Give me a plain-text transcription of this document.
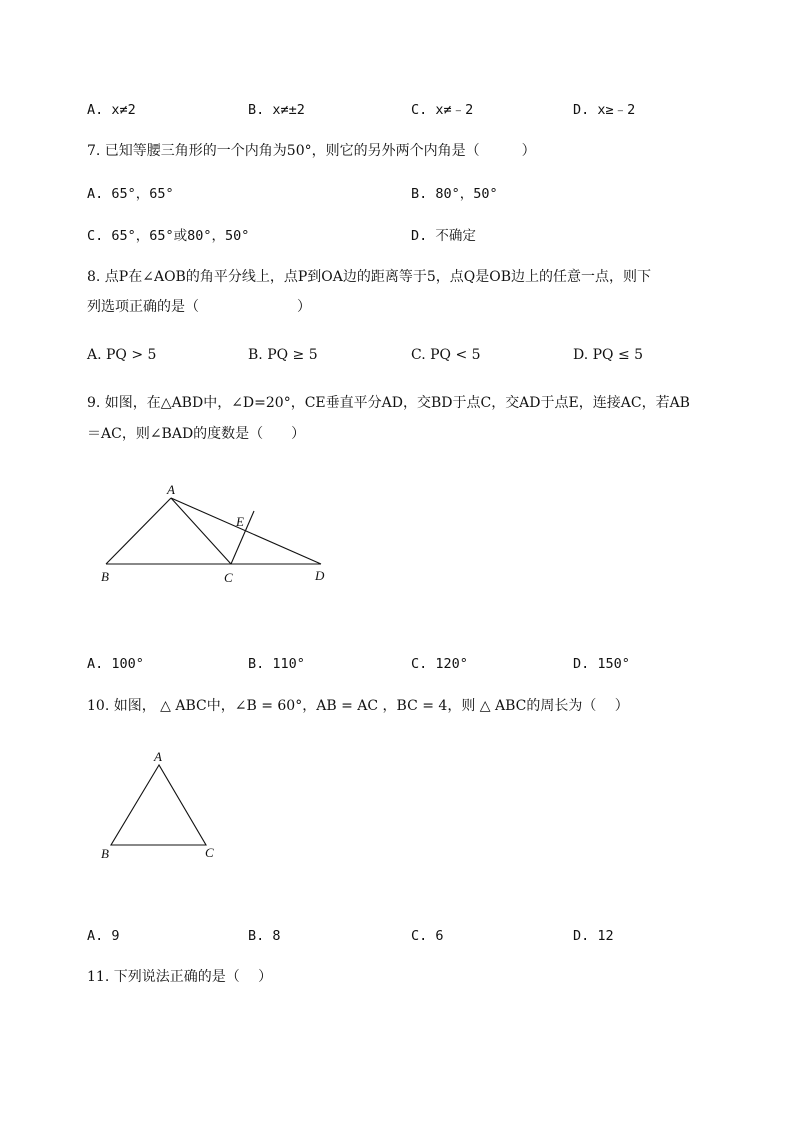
A. x≠2	B. x≠±2	C. x≠﹣2	D. x≥﹣2
7. 已知等腰三角形的一个内角为50°，则它的另外两个内角是（　　　）
A. 65°，65°	B. 80°，50°
C. 65°，65°或80°，50°	D. 不确定
8. 点P在∠AOB的角平分线上，点P到OA边的距离等于5，点Q是OB边上的任意一点，则下
列选项正确的是（　　　　　　　）
A. PQ > 5	B. PQ ≥ 5	C. PQ < 5	D. PQ ≤ 5
9. 如图，在△ABD中，∠D=20°，CE垂直平分AD，交BD于点C，交AD于点E，连接AC，若AB
＝AC，则∠BAD的度数是（　　）
A
B	C	D
E
A. 100°	B. 110°	C. 120°	D. 150°
10. 如图， △ ABC中，∠B = 60°，AB = AC ，BC = 4，则 △ ABC的周长为（　 ）
A
B	C
A. 9	B. 8	C. 6	D. 12
11. 下列说法正确的是（　 ）
